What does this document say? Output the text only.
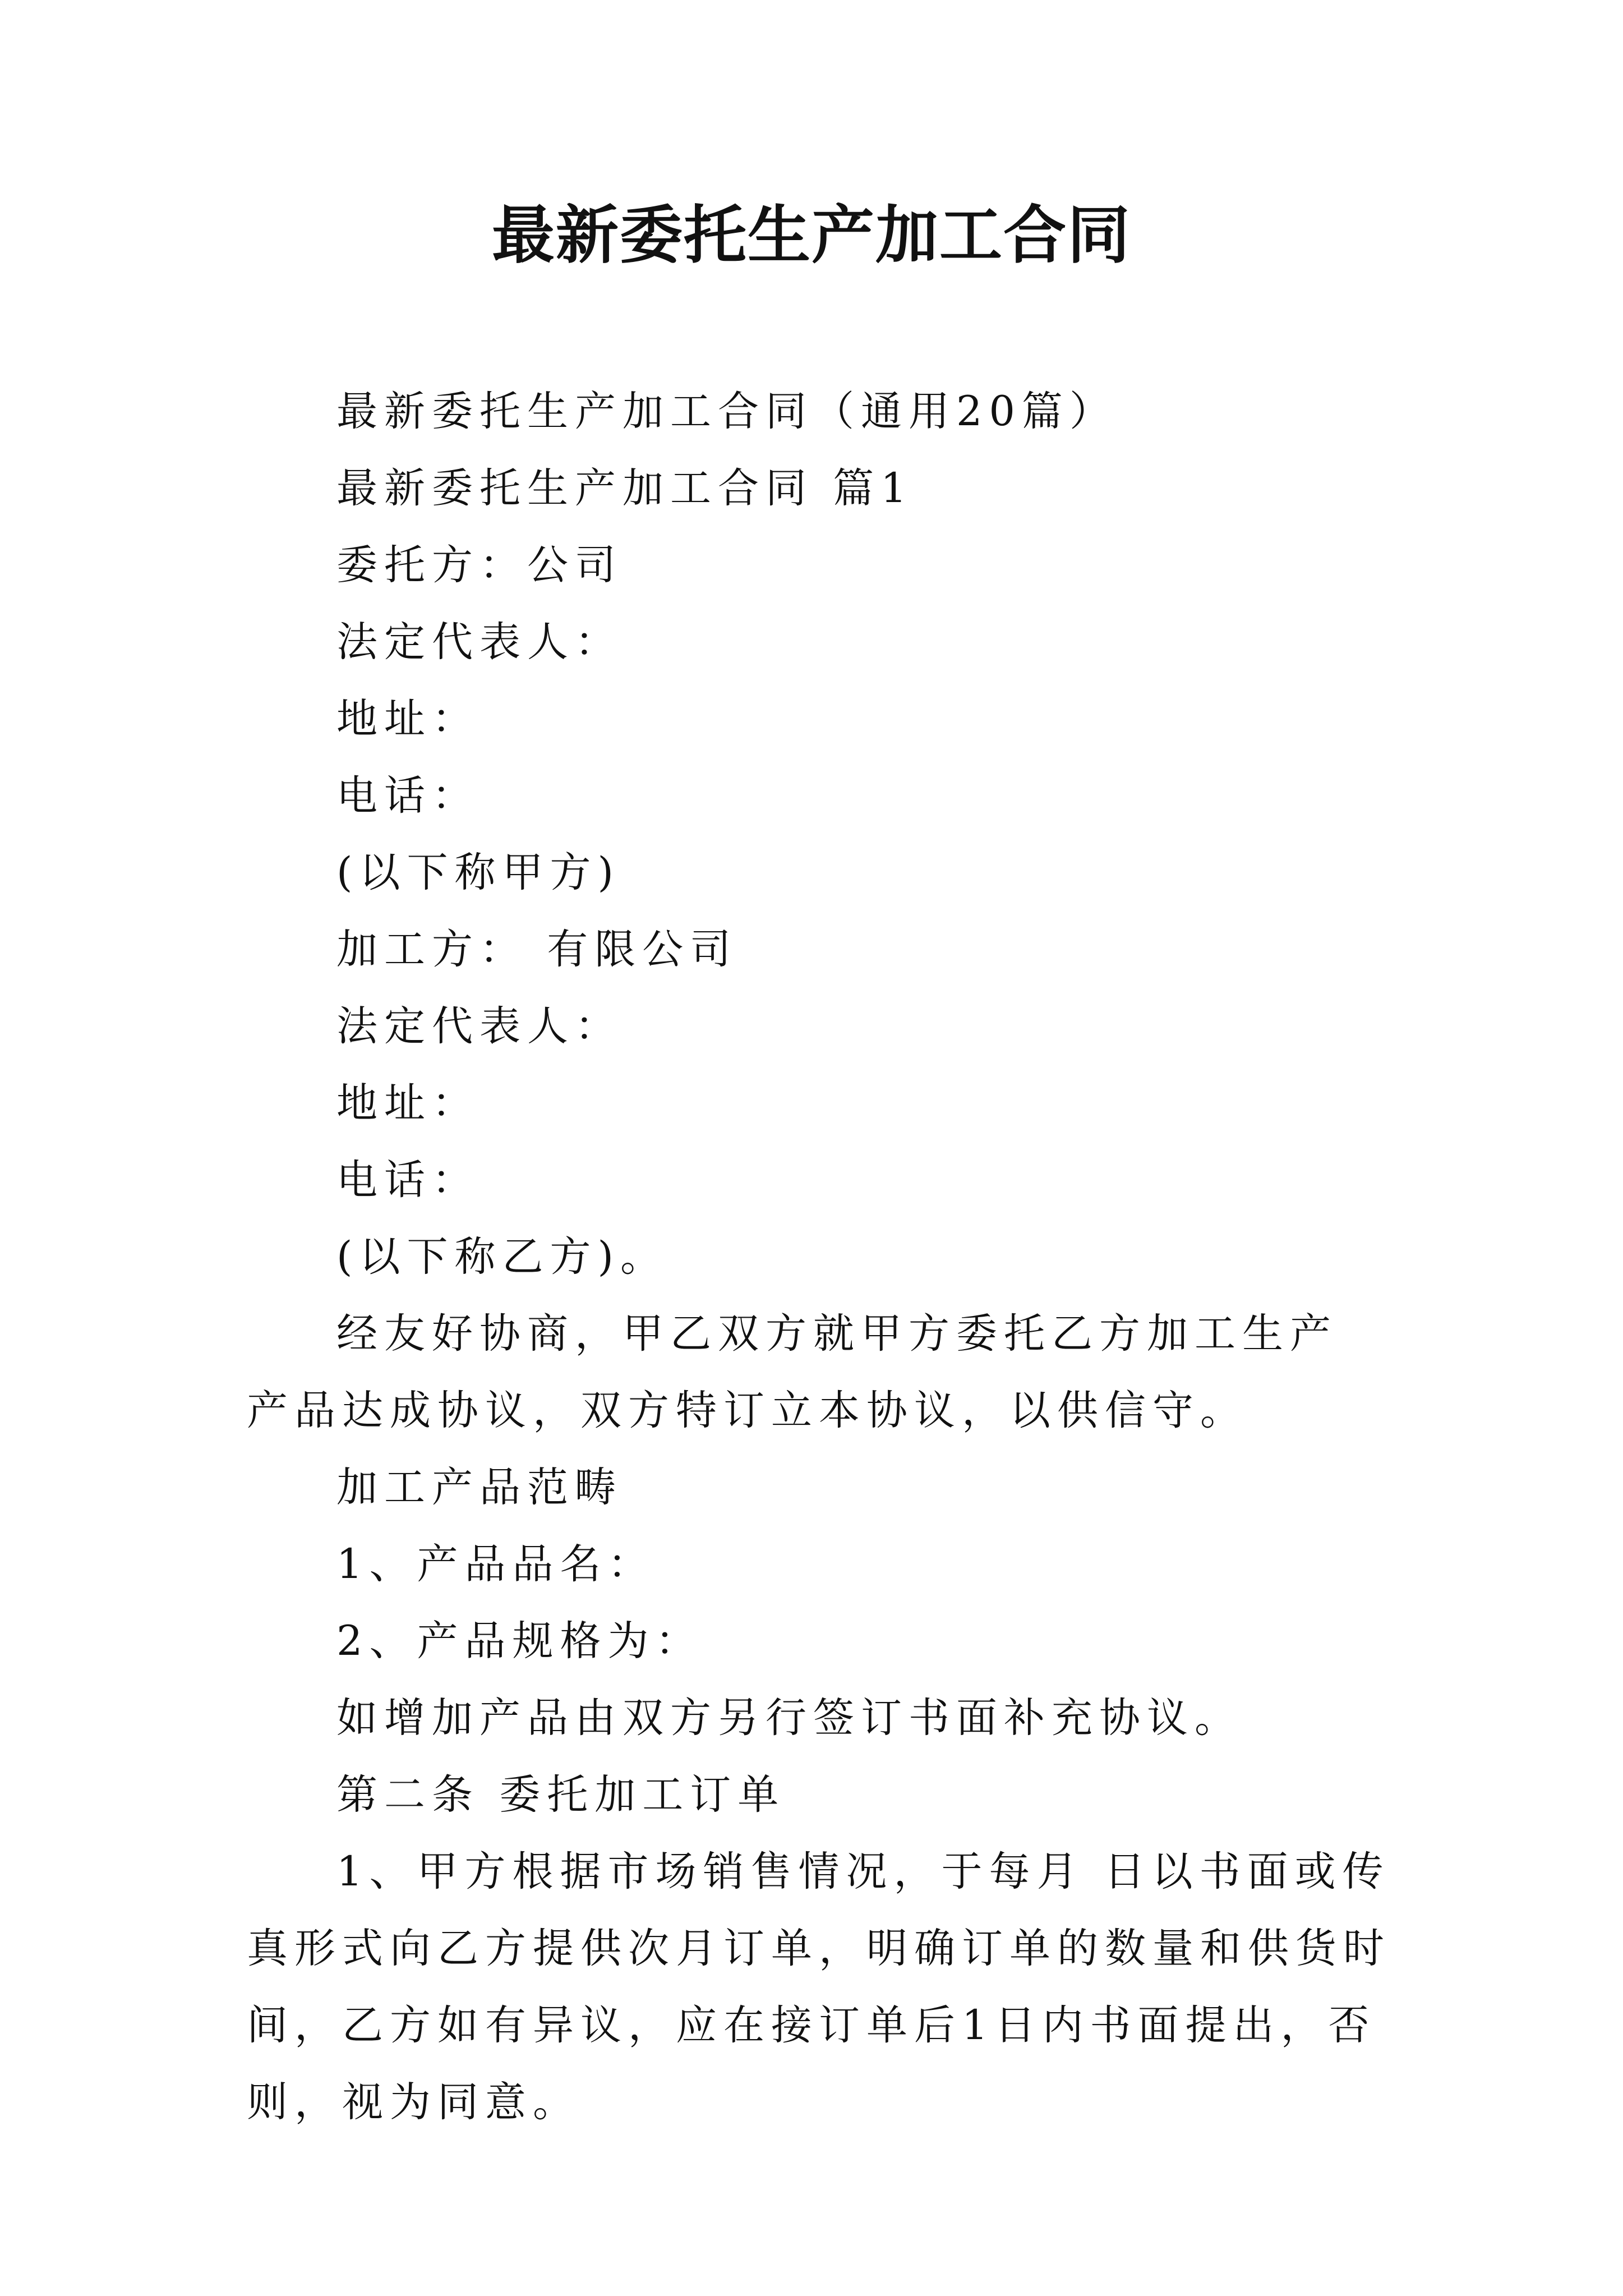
最新委托生产加工合同

最新委托生产加工合同（通用20篇）

最新委托生产加工合同 篇1

委托方：公司

法定代表人：

地址：

电话：

(以下称甲方)

加工方： 有限公司

法定代表人：

地址：

电话：

(以下称乙方)。

经友好协商，甲乙双方就甲方委托乙方加工生产 产品达成协议，双方特订立本协议，以供信守。

加工产品范畴

1、产品品名：

2、产品规格为：

如增加产品由双方另行签订书面补充协议。

第二条 委托加工订单

1、甲方根据市场销售情况，于每月 日以书面或传真形式向乙方提供次月订单，明确订单的数量和供货时间，乙方如有异议，应在接订单后1日内书面提出，否则，视为同意。
